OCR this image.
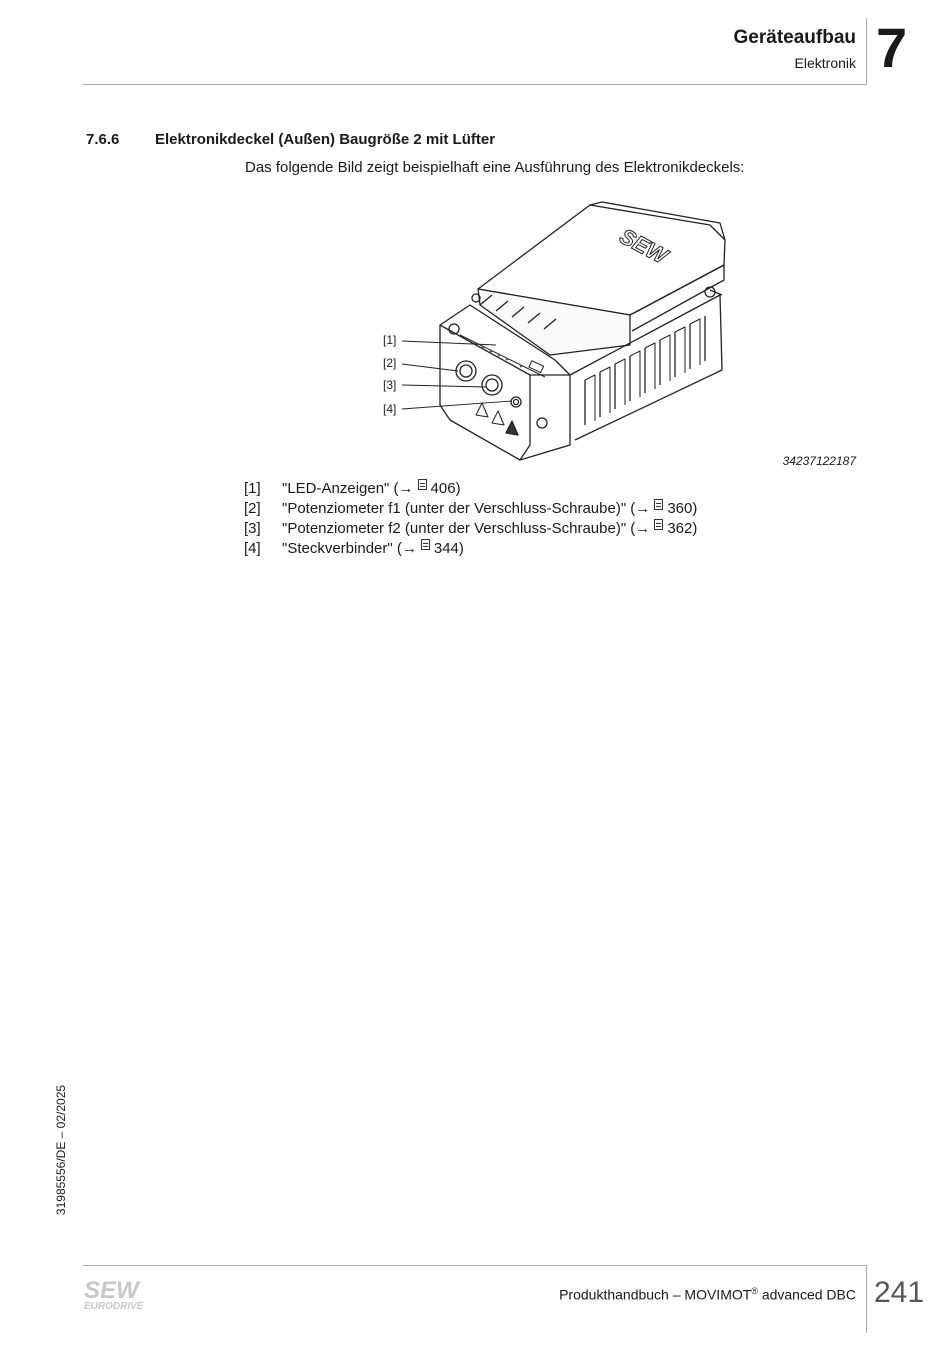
Geräteaufbau
Elektronik 7
7.6.6 Elektronikdeckel (Außen) Baugröße 2 mit Lüfter
Das folgende Bild zeigt beispielhaft eine Ausführung des Elektronikdeckels:
SEW
[1]
[2]
[3]
[4]
34237122187
[1]	"LED-Anzeigen" (→ 406)
[2]	"Potenziometer f1 (unter der Verschluss-Schraube)" (→ 360)
[3]	"Potenziometer f2 (unter der Verschluss-Schraube)" (→ 362)
[4]	"Steckverbinder" (→ 344)
31985556/DE – 02/2025
SEW
EURODRIVE
Produkthandbuch – MOVIMOT® advanced DBC 241
